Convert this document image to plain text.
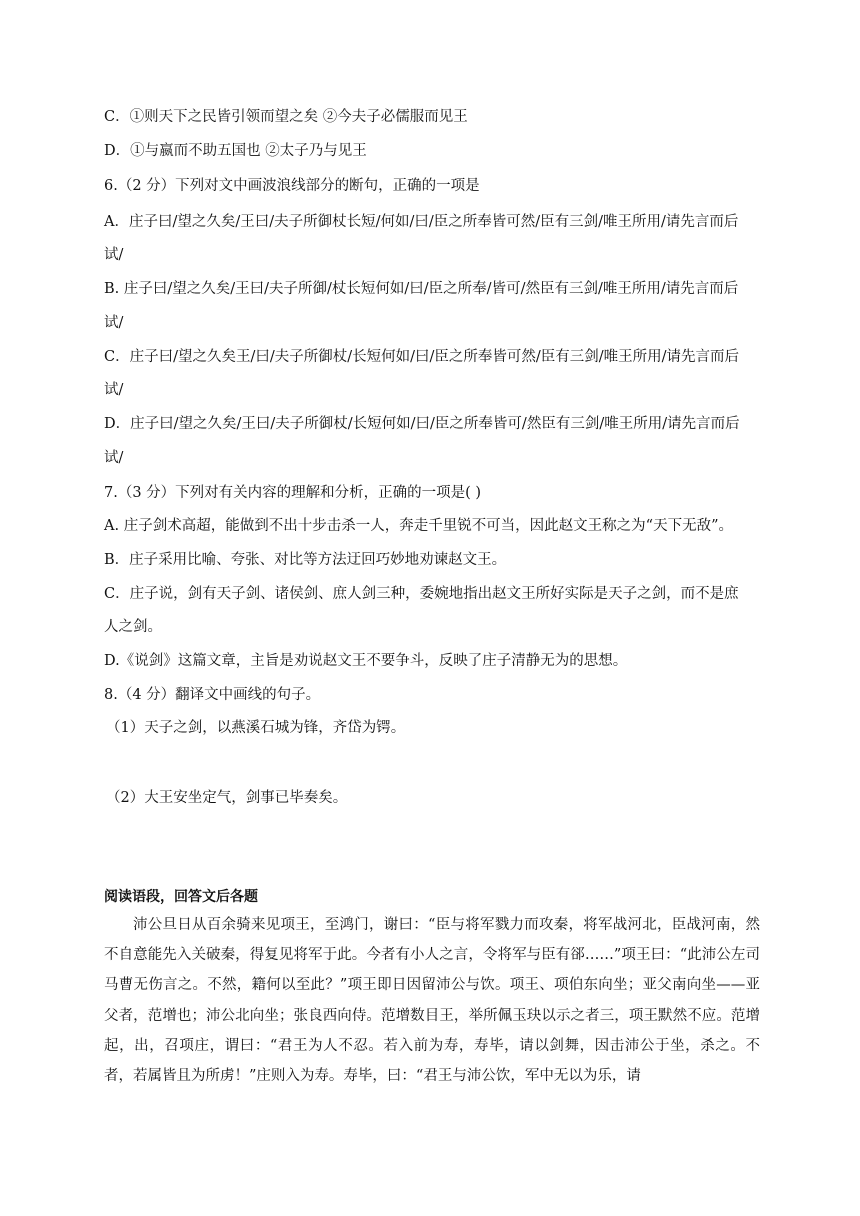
C．①则天下之民皆引领而望之矣 ②今夫子必儒服而见王
D．①与嬴而不助五国也 ②太子乃与见王
6.（2 分）下列对文中画波浪线部分的断句，正确的一项是
A．庄子曰/望之久矣/王曰/夫子所御杖长短/何如/曰/臣之所奉皆可然/臣有三剑/唯王所用/请先言而后
试/
B. 庄子曰/望之久矣/王曰/夫子所御/杖长短何如/曰/臣之所奉/皆可/然臣有三剑/唯王所用/请先言而后
试/
C．庄子曰/望之久矣王/曰/夫子所御杖/长短何如/曰/臣之所奉皆可然/臣有三剑/唯王所用/请先言而后
试/
D．庄子曰/望之久矣/王曰/夫子所御杖/长短何如/曰/臣之所奉皆可/然臣有三剑/唯王所用/请先言而后
试/
7.（3 分）下列对有关内容的理解和分析，正确的一项是( )
A. 庄子剑术高超，能做到不出十步击杀一人，奔走千里锐不可当，因此赵文王称之为“天下无敌”。
B．庄子采用比喻、夸张、对比等方法迂回巧妙地劝谏赵文王。
C．庄子说，剑有天子剑、诸侯剑、庶人剑三种，委婉地指出赵文王所好实际是天子之剑，而不是庶
人之剑。
D.《说剑》这篇文章，主旨是劝说赵文王不要争斗，反映了庄子清静无为的思想。
8.（4 分）翻译文中画线的句子。
（1）天子之剑，以燕溪石城为锋，齐岱为锷。
（2）大王安坐定气，剑事已毕奏矣。
阅读语段，回答文后各题
沛公旦日从百余骑来见项王，至鸿门，谢曰：“臣与将军戮力而攻秦，将军战河北，臣战河南，然不自意能先入关破秦，得复见将军于此。今者有小人之言，令将军与臣有郤……”项王曰：“此沛公左司马曹无伤言之。不然，籍何以至此？”项王即日因留沛公与饮。项王、项伯东向坐；亚父南向坐——亚父者，范增也；沛公北向坐；张良西向侍。范增数目王，举所佩玉玦以示之者三，项王默然不应。范增起，出，召项庄，谓曰：“君王为人不忍。若入前为寿，寿毕，请以剑舞，因击沛公于坐，杀之。不者，若属皆且为所虏！”庄则入为寿。寿毕，曰：“君王与沛公饮，军中无以为乐，请
